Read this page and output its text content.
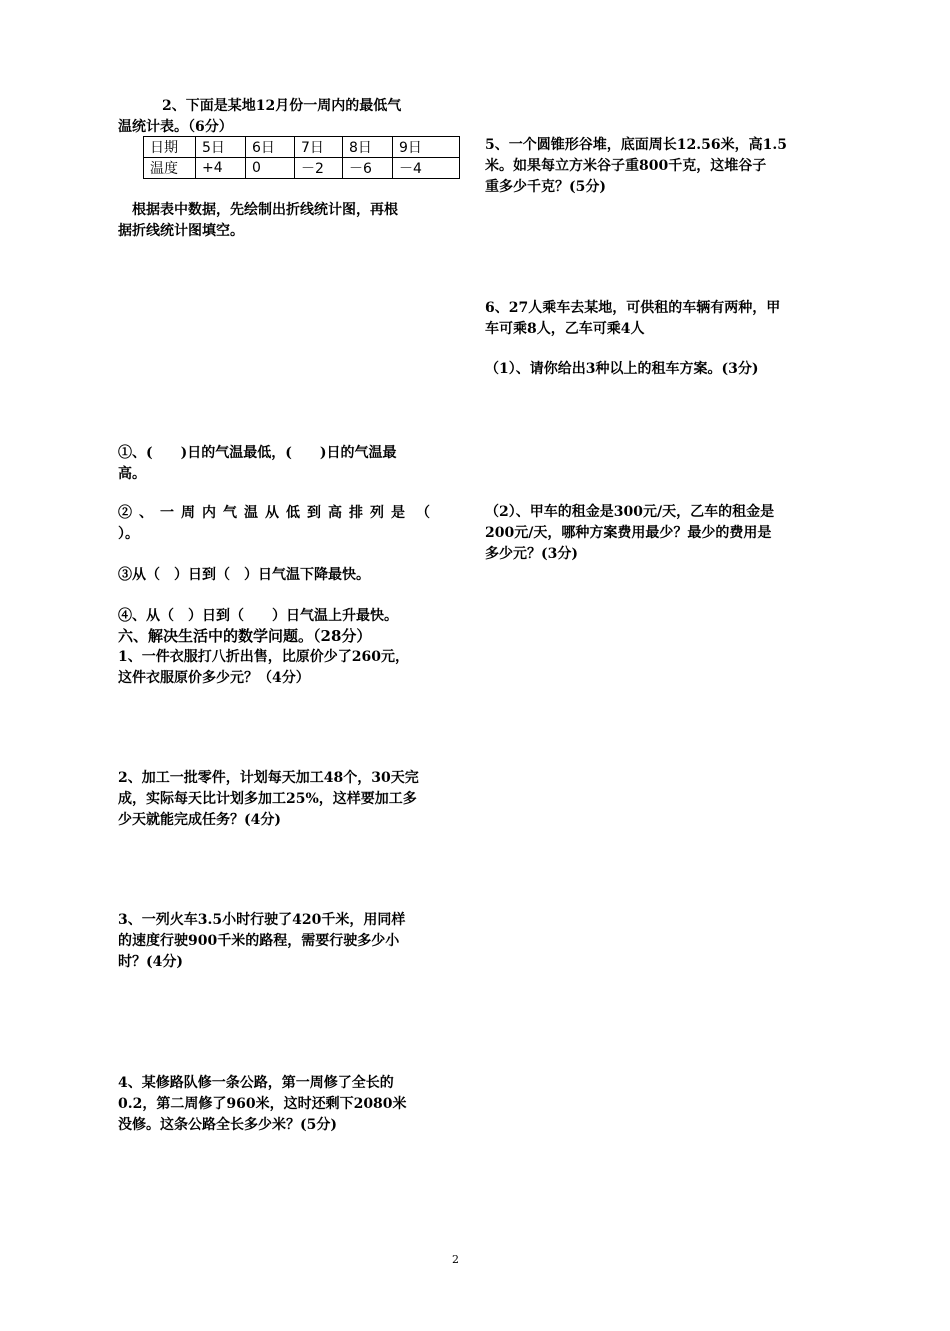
2、下面是某地12月份一周内的最低气
温统计表。（6分）
日期	5日	6日	7日	8日	9日
温度	+4	0	－2	－6	－4
根据表中数据，先绘制出折线统计图，再根
据折线统计图填空。
①、(　　)日的气温最低，(　　)日的气温最
高。
②、一周内气温从低到高排列是 （
）。
③从（　）日到（　）日气温下降最快。
④、从（　）日到（　　）日气温上升最快。
六、解决生活中的数学问题。（28分）
1、一件衣服打八折出售，比原价少了260元，
这件衣服原价多少元？（4分）
2、加工一批零件，计划每天加工48个，30天完
成，实际每天比计划多加工25%，这样要加工多
少天就能完成任务？(4分)
3、一列火车3.5小时行驶了420千米，用同样
的速度行驶900千米的路程，需要行驶多少小
时？(4分)
4、某修路队修一条公路，第一周修了全长的
0.2，第二周修了960米，这时还剩下2080米
没修。这条公路全长多少米？(5分)
5、一个圆锥形谷堆，底面周长12.56米，高1.5
米。如果每立方米谷子重800千克，这堆谷子
重多少千克？(5分)
6、27人乘车去某地，可供租的车辆有两种，甲
车可乘8人，乙车可乘4人
（1）、请你给出3种以上的租车方案。(3分)
（2）、甲车的租金是300元/天，乙车的租金是
200元/天，哪种方案费用最少？最少的费用是
多少元？(3分)
2
